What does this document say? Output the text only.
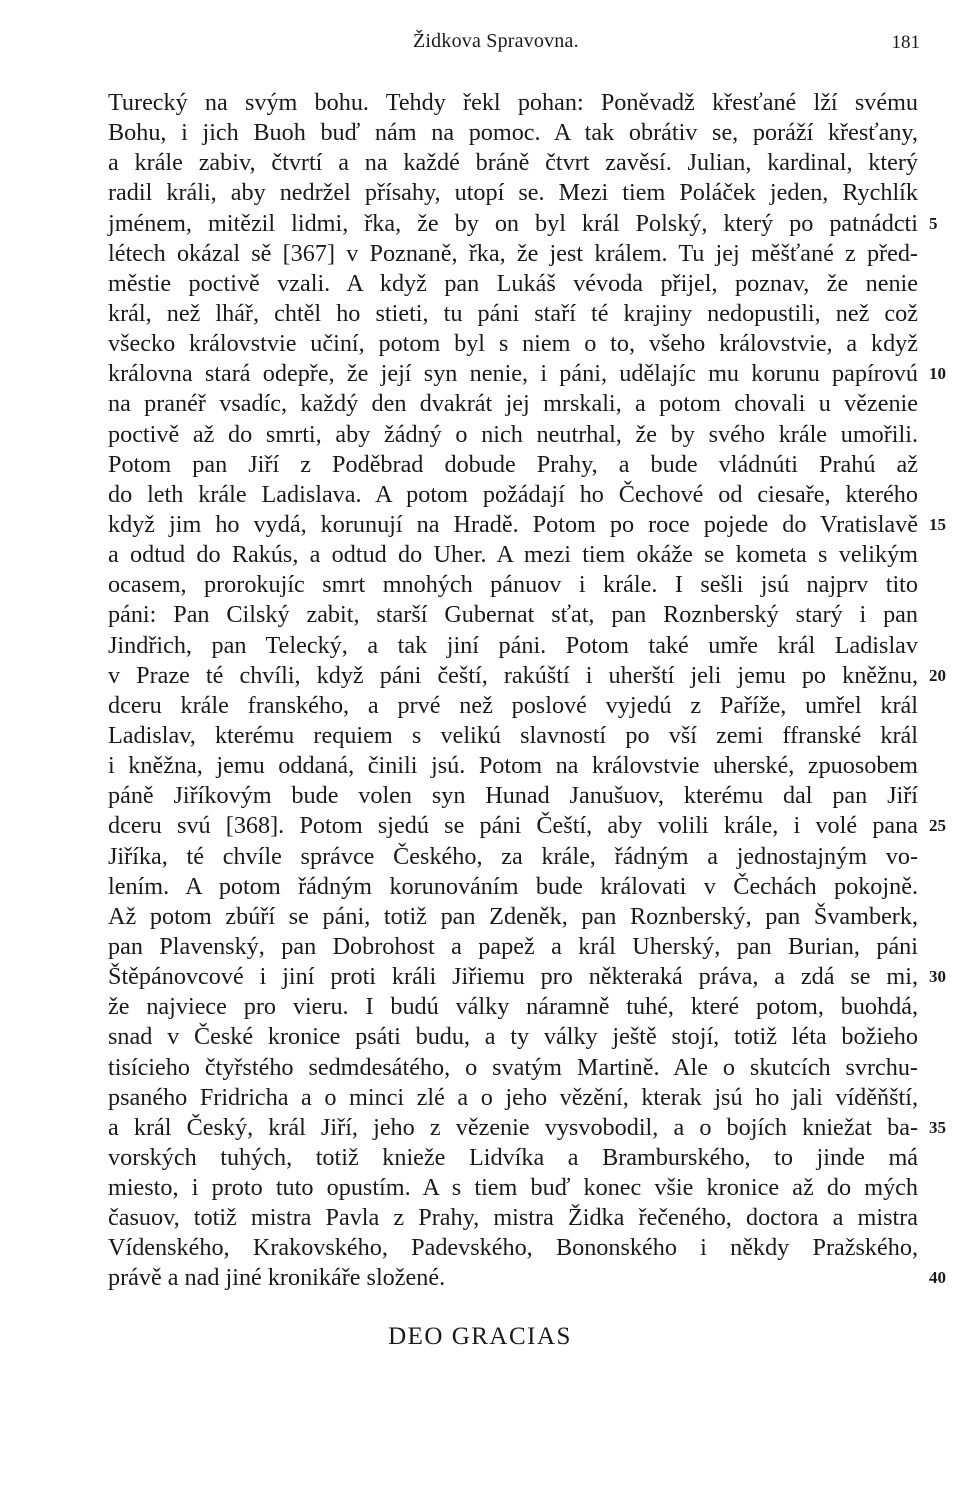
Židkova Spravovna.	181
Turecký na svým bohu. Tehdy řekl pohan: Poněvadž křesťané lží svému
Bohu, i jich Buoh buď nám na pomoc. A tak obrátiv se, poráží křesťany,
a krále zabiv, čtvrtí a na každé bráně čtvrt zavěsí. Julian, kardinal, který
radil králi, aby nedržel přísahy, utopí se. Mezi tiem Poláček jeden, Rychlík
jménem, mitězil lidmi, řka, že by on byl král Polský, který po patnádcti 5
létech okázal sě [367] v Poznaně, řka, že jest králem. Tu jej měšťané z před-
městie poctivě vzali. A když pan Lukáš vévoda přijel, poznav, že nenie
král, než lhář, chtěl ho stieti, tu páni staří té krajiny nedopustili, než což
všecko královstvie učiní, potom byl s niem o to, všeho královstvie, a když
královna stará odepře, že její syn nenie, i páni, udělajíc mu korunu papírovú 10
na pranéř vsadíc, každý den dvakrát jej mrskali, a potom chovali u vězenie
poctivě až do smrti, aby žádný o nich neutrhal, že by svého krále umořili.
Potom pan Jiří z Poděbrad dobude Prahy, a bude vládnúti Prahú až
do leth krále Ladislava. A potom požádají ho Čechové od ciesaře, kterého
když jim ho vydá, korunují na Hradě. Potom po roce pojede do Vratislavě 15
a odtud do Rakús, a odtud do Uher. A mezi tiem okáže se kometa s velikým
ocasem, prorokujíc smrt mnohých pánuov i krále. I sešli jsú najprv tito
páni: Pan Cilský zabit, starší Gubernat sťat, pan Roznberský starý i pan
Jindřich, pan Telecký, a tak jiní páni. Potom také umře král Ladislav
v Praze té chvíli, když páni čeští, rakúští i uherští jeli jemu po kněžnu, 20
dceru krále franského, a prvé než poslové vyjedú z Paříže, umřel král
Ladislav, kterému requiem s velikú slavností po vší zemi ffranské král
i kněžna, jemu oddaná, činili jsú. Potom na královstvie uherské, zpuosobem
páně Jiříkovým bude volen syn Hunad Janušuov, kterému dal pan Jiří
dceru svú [368]. Potom sjedú se páni Čeští, aby volili krále, i volé pana 25
Jiříka, té chvíle správce Českého, za krále, řádným a jednostajným vo-
lením. A potom řádným korunováním bude královati v Čechách pokojně.
Až potom zbúří se páni, totiž pan Zdeněk, pan Roznberský, pan Švamberk,
pan Plavenský, pan Dobrohost a papež a král Uherský, pan Burian, páni
Štěpánovcové i jiní proti králi Jiřiemu pro některaká práva, a zdá se mi, 30
že najviece pro vieru. I budú války náramně tuhé, které potom, buohdá,
snad v České kronice psáti budu, a ty války ještě stojí, totiž léta božieho
tisícieho čtyřstého sedmdesátého, o svatým Martině. Ale o skutcích svrchu-
psaného Fridricha a o minci zlé a o jeho vězění, kterak jsú ho jali víděňští,
a král Český, král Jiří, jeho z vězenie vysvobodil, a o bojích kniežat ba- 35
vorských tuhých, totiž knieže Lidvíka a Bramburského, to jinde má
miesto, i proto tuto opustím. A s tiem buď konec všie kronice až do mých
časuov, totiž mistra Pavla z Prahy, mistra Židka řečeného, doctora a mistra
Vídenského, Krakovského, Padevského, Bononského i někdy Pražského,
právě a nad jiné kronikáře složené.	40
DEO GRACIAS
